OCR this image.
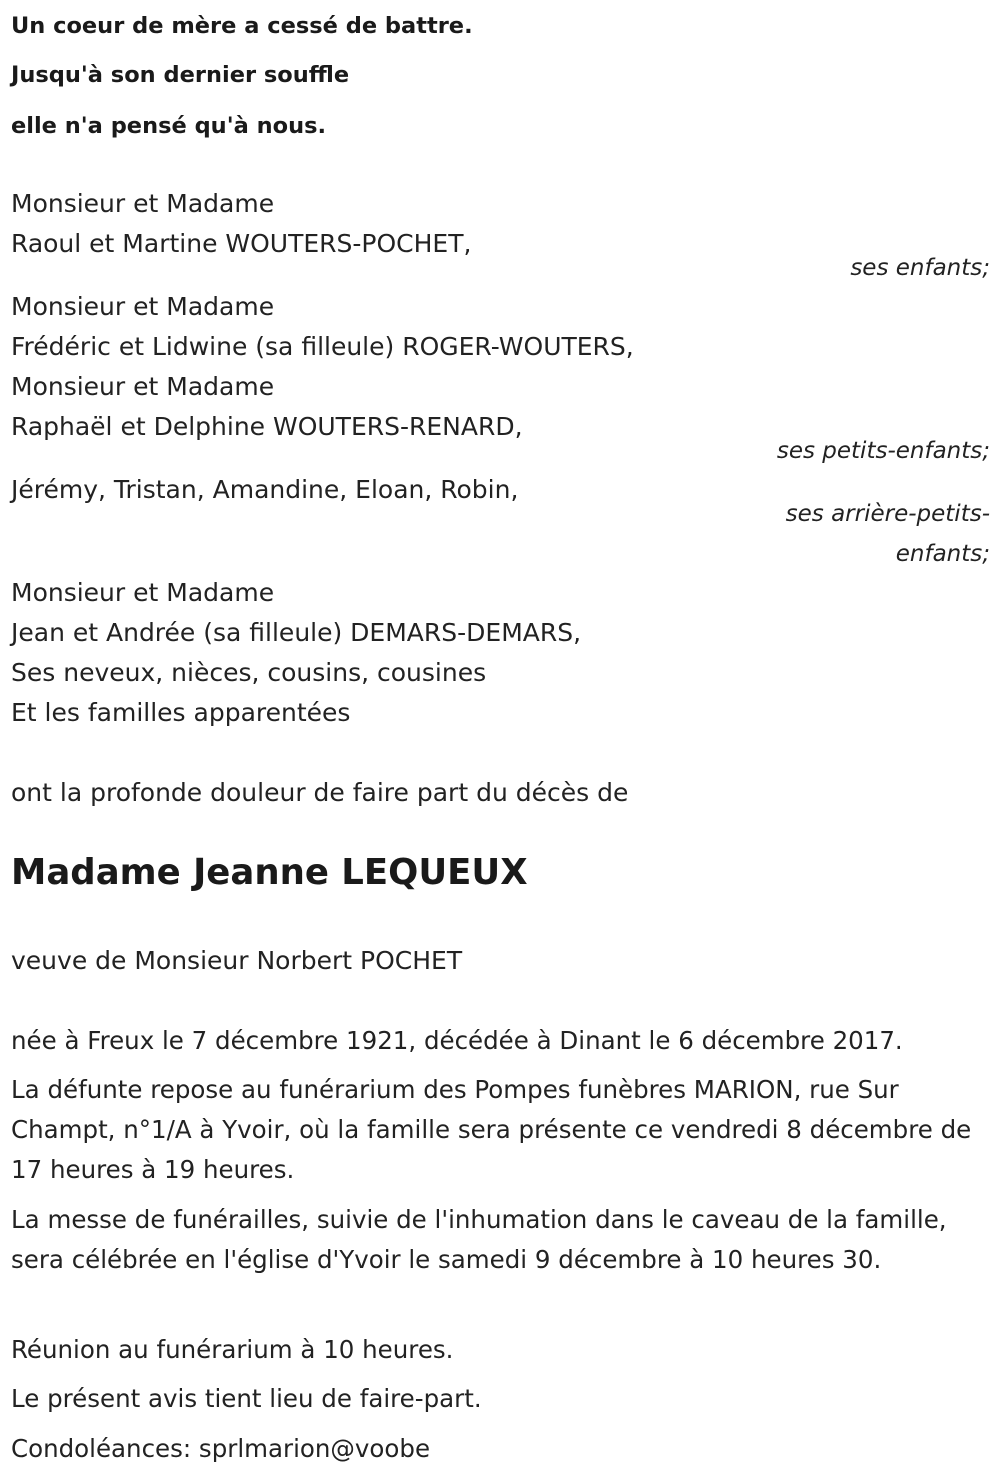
Un coeur de mère a cessé de battre.

Jusqu'à son dernier souffle

elle n'a pensé qu'à nous.

Monsieur et Madame

Raoul et Martine WOUTERS-POCHET,

ses enfants;

Monsieur et Madame

Frédéric et Lidwine (sa filleule) ROGER-WOUTERS,

Monsieur et Madame

Raphaël et Delphine WOUTERS-RENARD,

ses petits-enfants;

Jérémy, Tristan, Amandine, Eloan, Robin,

ses arrière-petits-

enfants;

Monsieur et Madame

Jean et Andrée (sa filleule) DEMARS-DEMARS,

Ses neveux, nièces, cousins, cousines

Et les familles apparentées

ont la profonde douleur de faire part du décès de

Madame Jeanne LEQUEUX

veuve de Monsieur Norbert POCHET

née à Freux le 7 décembre 1921, décédée à Dinant le 6 décembre 2017.

La défunte repose au funérarium des Pompes funèbres MARION, rue Sur Champt, n°1/A à Yvoir, où la famille sera présente ce vendredi 8 décembre de 17 heures à 19 heures.

La messe de funérailles, suivie de l'inhumation dans le caveau de la famille, sera célébrée en l'église d'Yvoir le samedi 9 décembre à 10 heures 30.

Réunion au funérarium à 10 heures.

Le présent avis tient lieu de faire-part.

Condoléances: sprlmarion@voobe
